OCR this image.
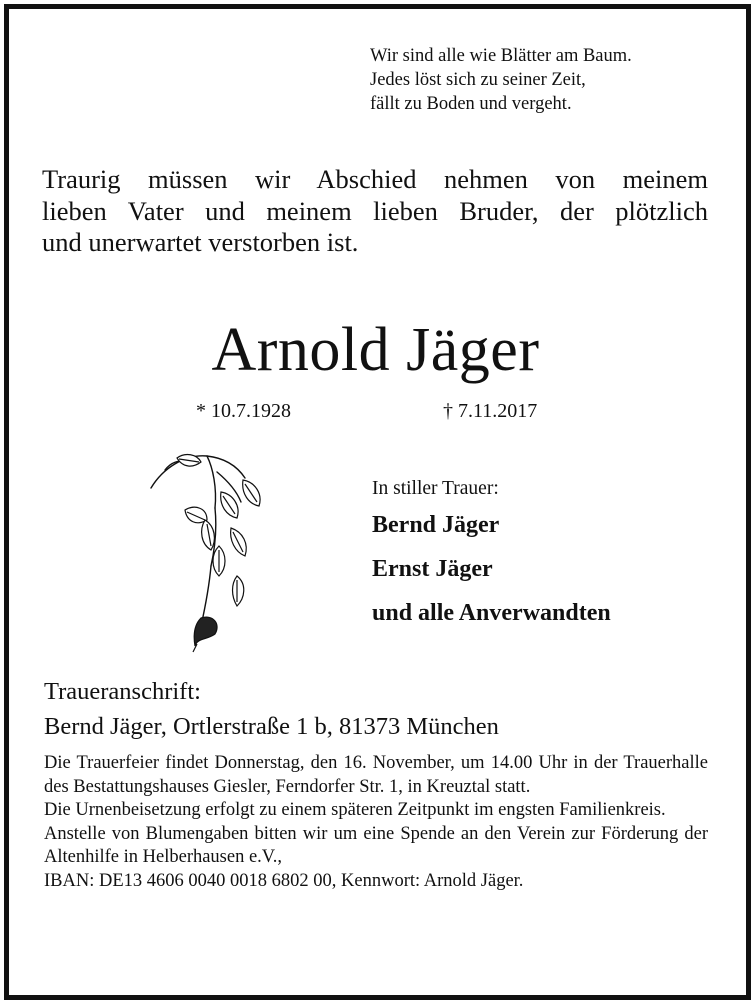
Wir sind alle wie Blätter am Baum.
Jedes löst sich zu seiner Zeit,
fällt zu Boden und vergeht.
Traurig müssen wir Abschied nehmen von meinem
lieben Vater und meinem lieben Bruder, der plötzlich
und unerwartet verstorben ist.
Arnold Jäger
* 10.7.1928	† 7.11.2017
In stiller Trauer:
Bernd Jäger
Ernst Jäger
und alle Anverwandten
Traueranschrift:
Bernd Jäger, Ortlerstraße 1 b, 81373 München

Die Trauerfeier findet Donnerstag, den 16. November, um 14.00 Uhr in der Trauerhalle des Bestattungshauses Giesler, Ferndorfer Str. 1, in Kreuztal statt.

Die Urnenbeisetzung erfolgt zu einem späteren Zeitpunkt im engsten Familienkreis.

Anstelle von Blumengaben bitten wir um eine Spende an den Verein zur Förderung der Altenhilfe in Helberhausen e.V.,

IBAN: DE13 4606 0040 0018 6802 00, Kennwort: Arnold Jäger.
